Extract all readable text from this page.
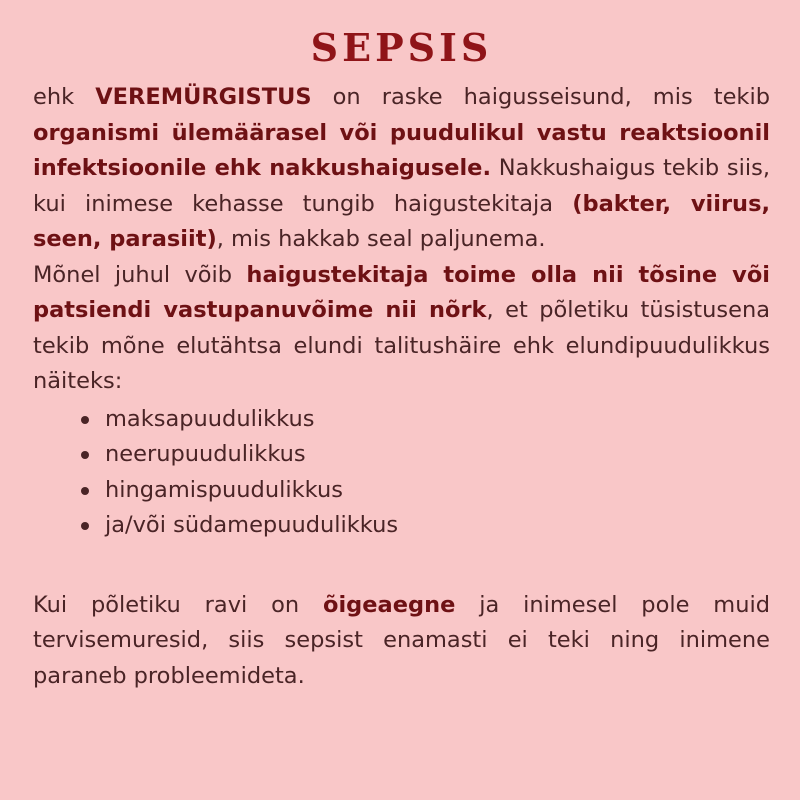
SEPSIS

ehk VEREMÜRGISTUS on raske haigusseisund, mis tekib organismi ülemäärasel või puudulikul vastu reaktsioonil infektsioonile ehk nakkushaigusele. Nakkushaigus tekib siis, kui inimese kehasse tungib haigustekitaja (bakter, viirus, seen, parasiit), mis hakkab seal paljunema.

Mõnel juhul võib haigustekitaja toime olla nii tõsine või patsiendi vastupanuvõime nii nõrk, et põletiku tüsistusena tekib mõne elutähtsa elundi talitushäire ehk elundipuudulikkus näiteks:

maksapuudulikkus
neerupuudulikkus
hingamispuudulikkus
ja/või südamepuudulikkus

Kui põletiku ravi on õigeaegne ja inimesel pole muid tervisemuresid, siis sepsist enamasti ei teki ning inimene paraneb probleemideta.
